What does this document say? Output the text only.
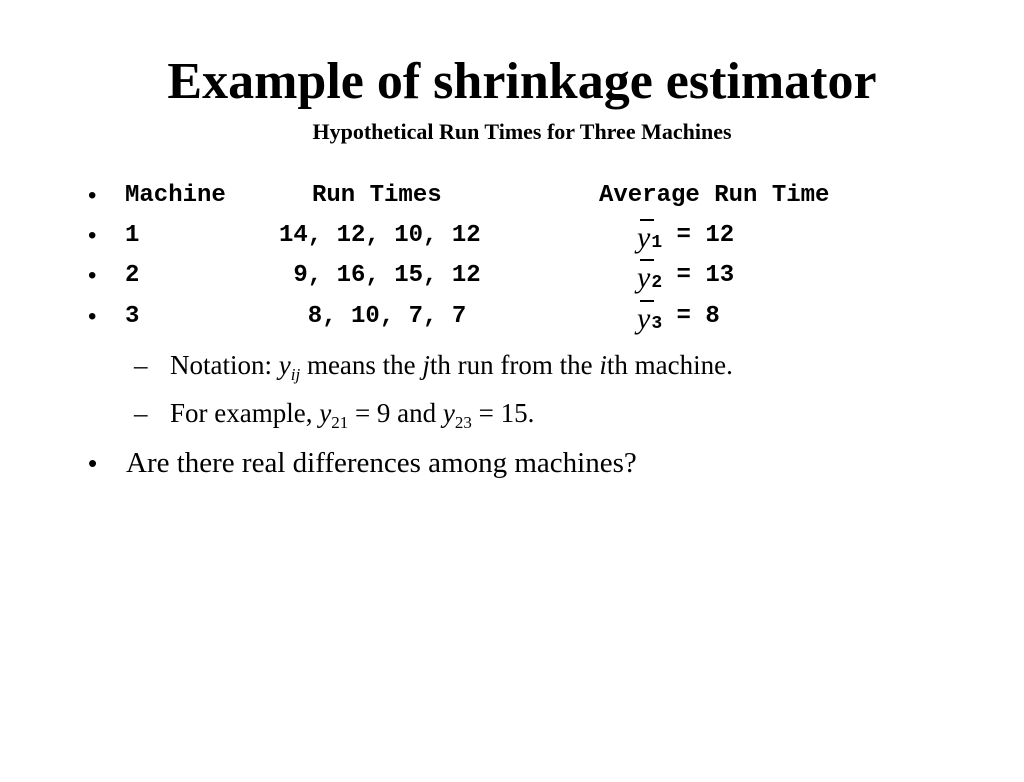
Example of shrinkage estimator
Hypothetical Run Times for Three Machines
• Machine	Run Times	Average Run Time
• 1	14, 12, 10, 12	$y_1 = 12$
• 2	9, 16, 15, 12	$y_2 = 13$
• 3	8, 10, 7, 7	$y_3 = 8$
– Notation: $y_{ij}$ means the jth run from the ith machine.
– For example, $y_{21} = 9$ and $y_{23} = 15$.
• Are there real differences among machines?
